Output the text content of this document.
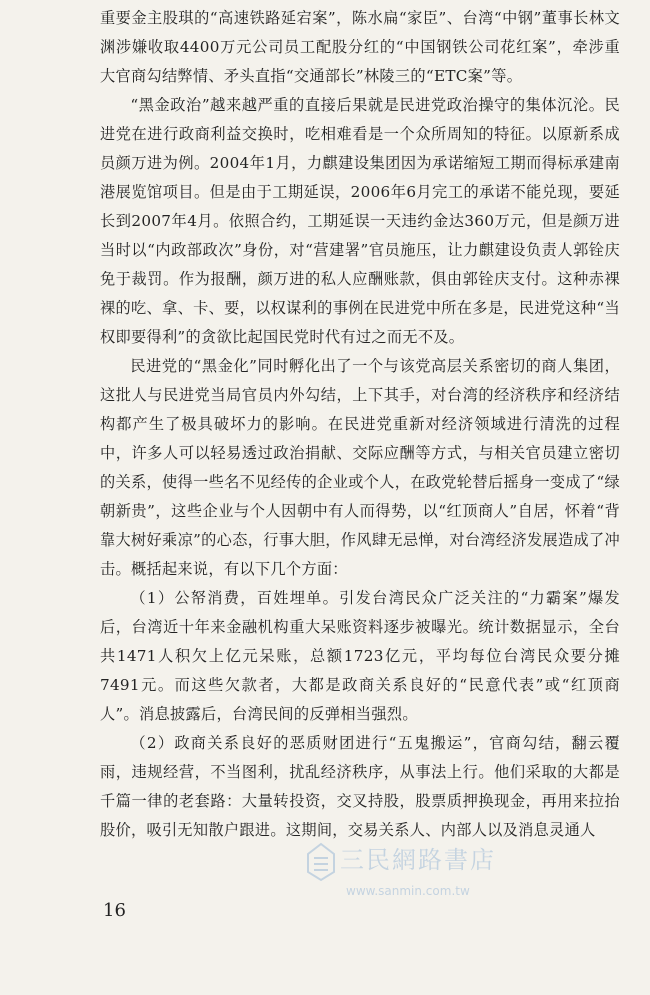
重要金主股琪的“高速铁路延宕案”，陈水扁“家臣”、台湾“中钢”董事长林文渊涉嫌收取4400万元公司员工配股分红的“中国钢铁公司花红案”，牵涉重大官商勾结弊情、矛头直指“交通部长”林陵三的“ETC案”等。

“黑金政治”越来越严重的直接后果就是民进党政治操守的集体沉沦。民进党在进行政商利益交换时，吃相难看是一个众所周知的特征。以原新系成员颜万进为例。2004年1月，力麒建设集团因为承诺缩短工期而得标承建南港展览馆项目。但是由于工期延误，2006年6月完工的承诺不能兑现，要延长到2007年4月。依照合约，工期延误一天违约金达360万元，但是颜万进当时以“内政部政次”身份，对“营建署”官员施压，让力麒建设负责人郭铨庆免于裁罚。作为报酬，颜万进的私人应酬账款，俱由郭铨庆支付。这种赤裸裸的吃、拿、卡、要，以权谋利的事例在民进党中所在多是，民进党这种“当权即要得利”的贪欲比起国民党时代有过之而无不及。

民进党的“黑金化”同时孵化出了一个与该党高层关系密切的商人集团，这批人与民进党当局官员内外勾结，上下其手，对台湾的经济秩序和经济结构都产生了极具破坏力的影响。在民进党重新对经济领域进行清洗的过程中，许多人可以轻易透过政治捐献、交际应酬等方式，与相关官员建立密切的关系，使得一些名不见经传的企业或个人，在政党轮替后摇身一变成了“绿朝新贵”，这些企业与个人因朝中有人而得势，以“红顶商人”自居，怀着“背靠大树好乘凉”的心态，行事大胆，作风肆无忌惮，对台湾经济发展造成了冲击。概括起来说，有以下几个方面：

（1）公帑消费，百姓埋单。引发台湾民众广泛关注的“力霸案”爆发后，台湾近十年来金融机构重大呆账资料逐步被曝光。统计数据显示，全台共1471人积欠上亿元呆账，总额1723亿元，平均每位台湾民众要分摊7491元。而这些欠款者，大都是政商关系良好的“民意代表”或“红顶商人”。消息披露后，台湾民间的反弹相当强烈。

（2）政商关系良好的恶质财团进行“五鬼搬运”，官商勾结，翻云覆雨，违规经营，不当图利，扰乱经济秩序，从事法上行。他们采取的大都是千篇一律的老套路：大量转投资，交叉持股，股票质押换现金，再用来拉抬股价，吸引无知散户跟进。这期间，交易关系人、内部人以及消息灵通人

三民網路書店
www.sanmin.com.tw
16
